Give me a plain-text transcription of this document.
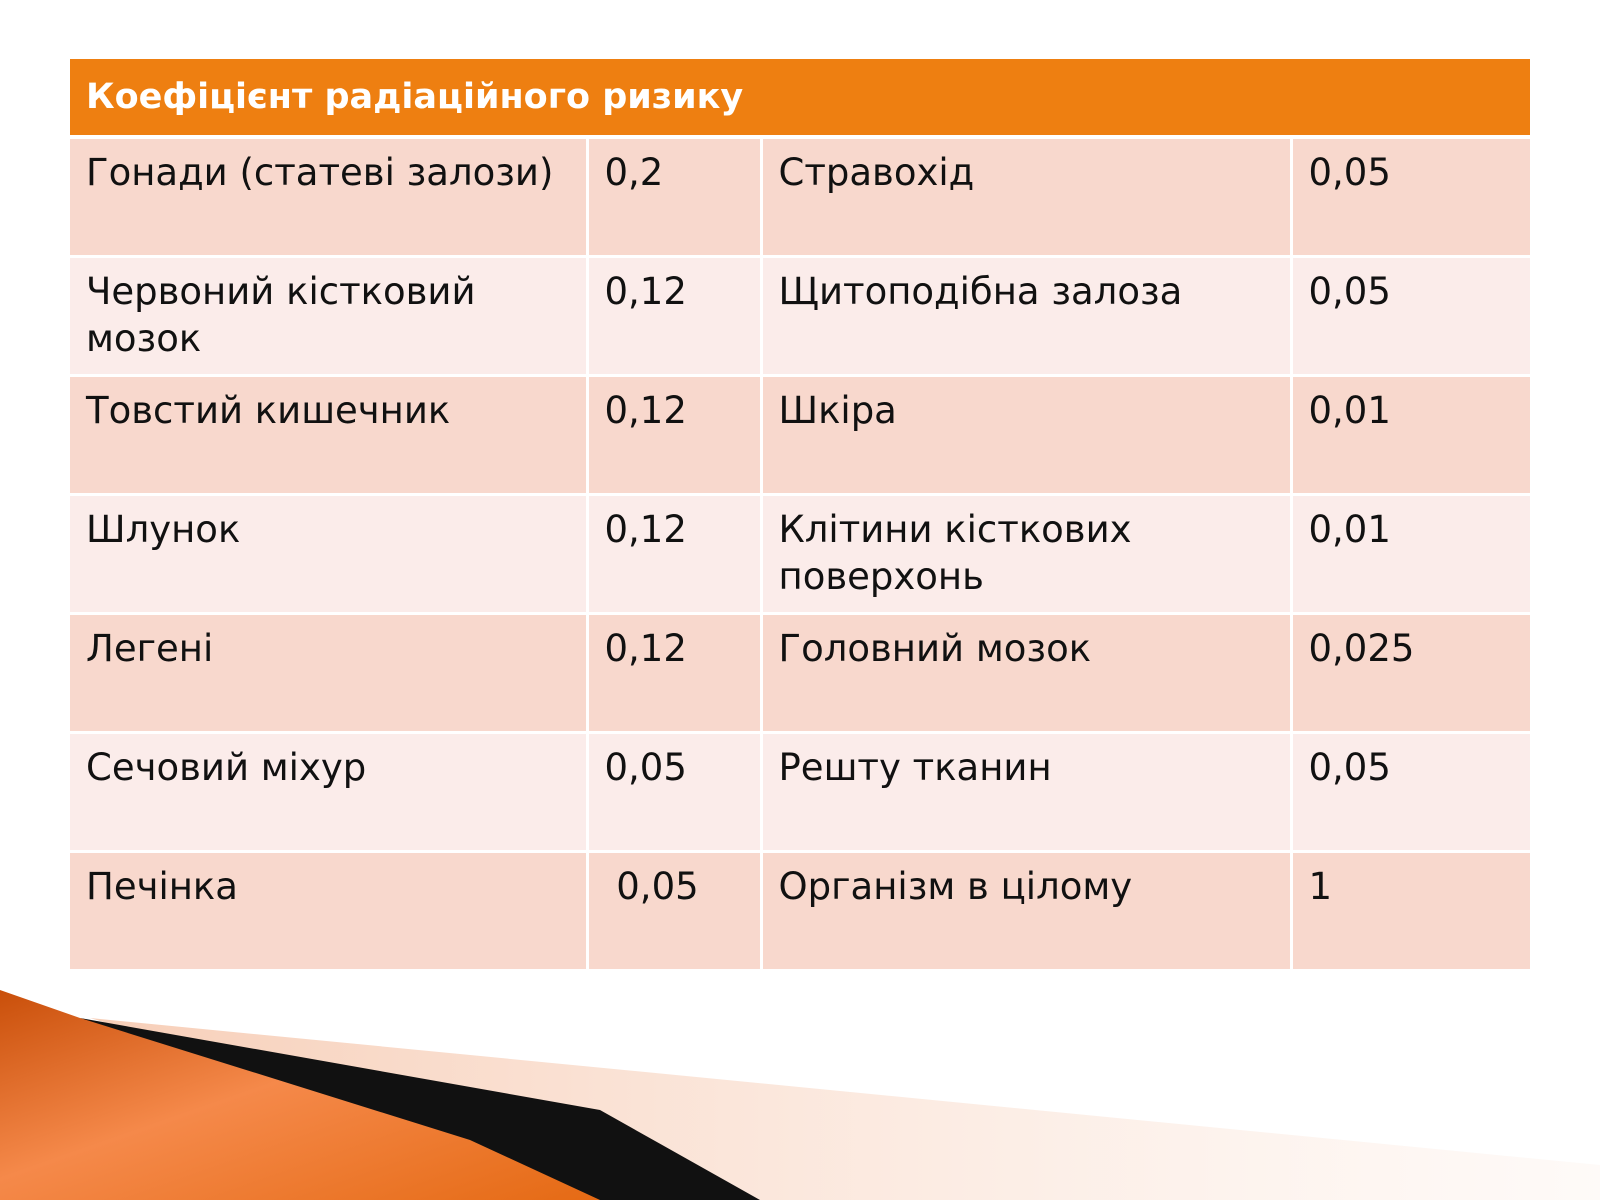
Коефіцієнт радіаційного ризику			
Гонади (статеві залози)	0,2	Стравохід	0,05
Червоний кістковий мозок	0,12	Щитоподібна залоза	0,05
Товстий кишечник	0,12	Шкіра	0,01
Шлунок	0,12	Клітини кісткових поверхонь	0,01
Легені	0,12	Головний мозок	0,025
Сечовий міхур	0,05	Решту тканин	0,05
Печінка	0,05	Організм в цілому	1
